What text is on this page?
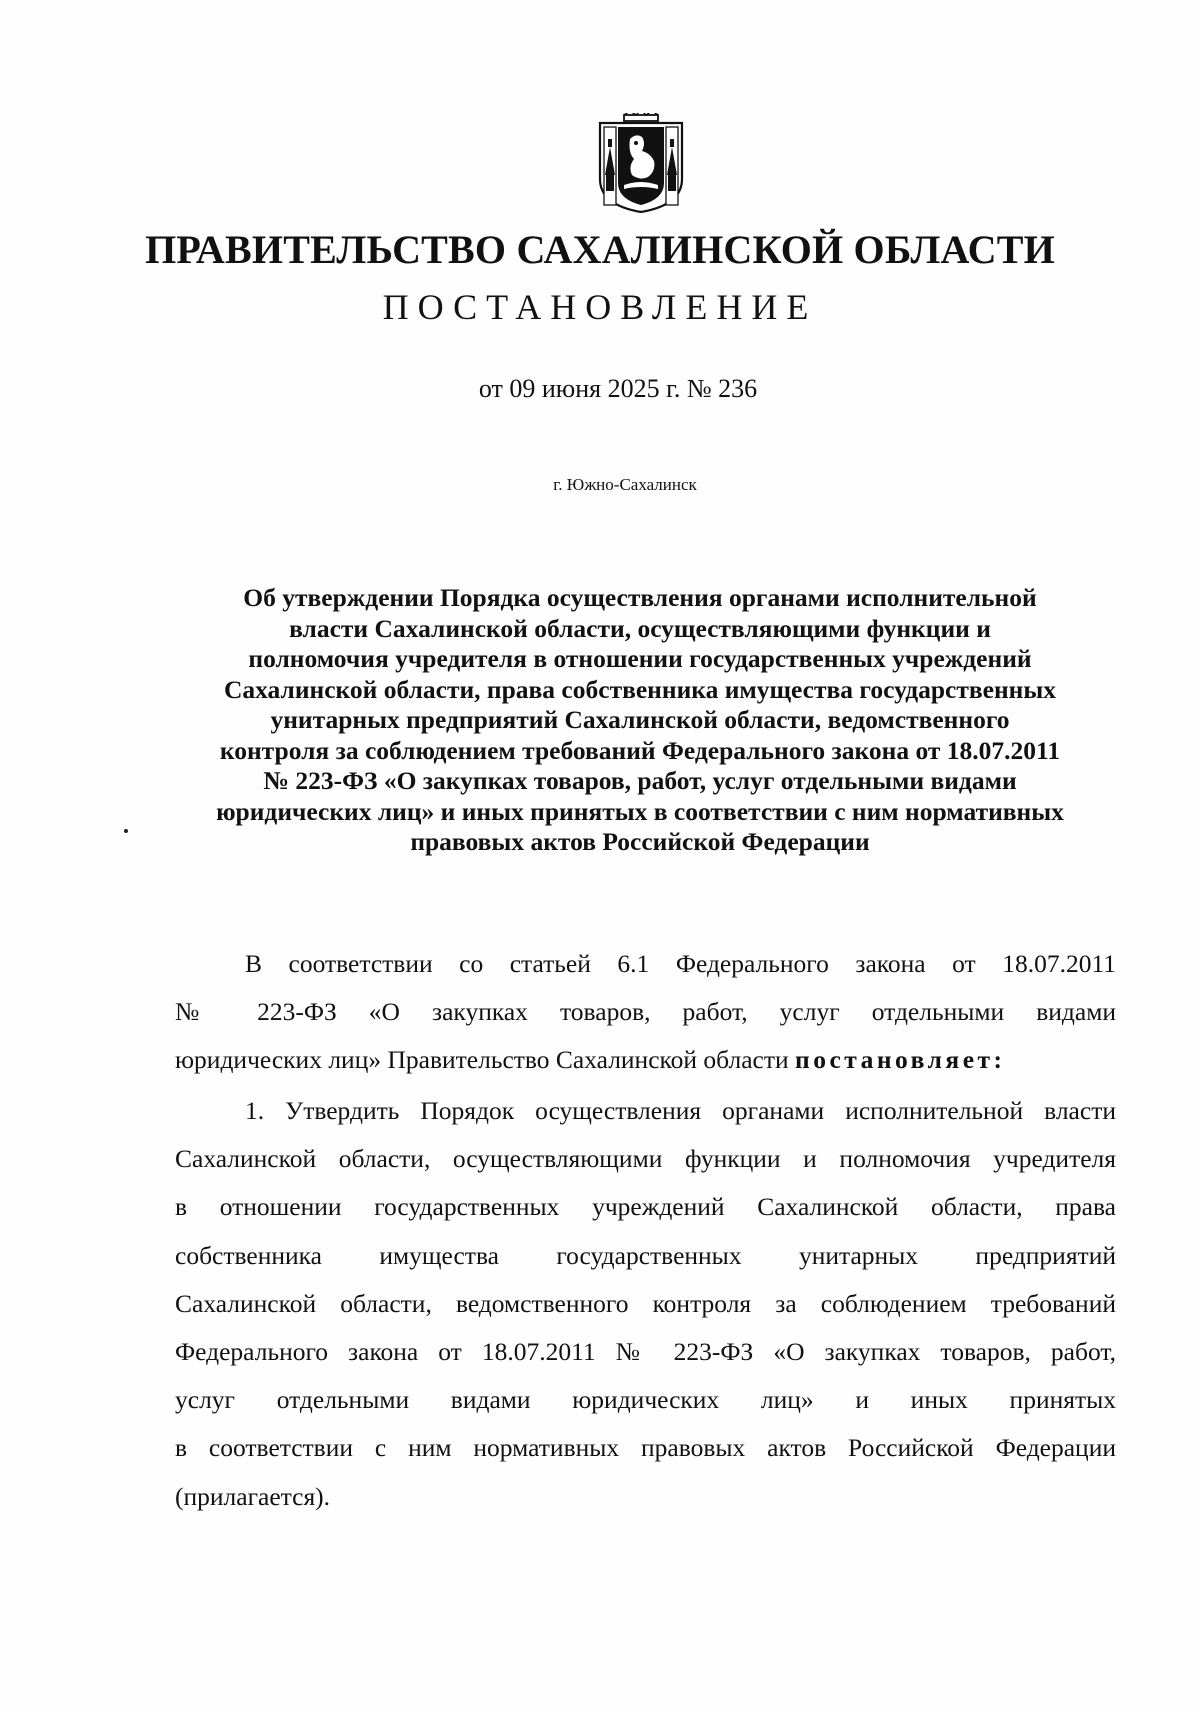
ПРАВИТЕЛЬСТВО САХАЛИНСКОЙ ОБЛАСТИ
ПОСТАНОВЛЕНИЕ
от 09 июня 2025 г. № 236
г. Южно-Сахалинск
Об утверждении Порядка осуществления органами исполнительной
власти Сахалинской области, осуществляющими функции и
полномочия учредителя в отношении государственных учреждений
Сахалинской области, права собственника имущества государственных
унитарных предприятий Сахалинской области, ведомственного
контроля за соблюдением требований Федерального закона от 18.07.2011
№ 223-ФЗ «О закупках товаров, работ, услуг отдельными видами
юридических лиц» и иных принятых в соответствии с ним нормативных
правовых актов Российской Федерации
В соответствии со статьей 6.1 Федерального закона от 18.07.2011
№ 223-ФЗ «О закупках товаров, работ, услуг отдельными видами
юридических лиц» Правительство Сахалинской области постановляет:
1. Утвердить Порядок осуществления органами исполнительной власти
Сахалинской области, осуществляющими функции и полномочия учредителя
в отношении государственных учреждений Сахалинской области, права
собственника имущества государственных унитарных предприятий
Сахалинской области, ведомственного контроля за соблюдением требований
Федерального закона от 18.07.2011 № 223-ФЗ «О закупках товаров, работ,
услуг отдельными видами юридических лиц» и иных принятых
в соответствии с ним нормативных правовых актов Российской Федерации
(прилагается).
